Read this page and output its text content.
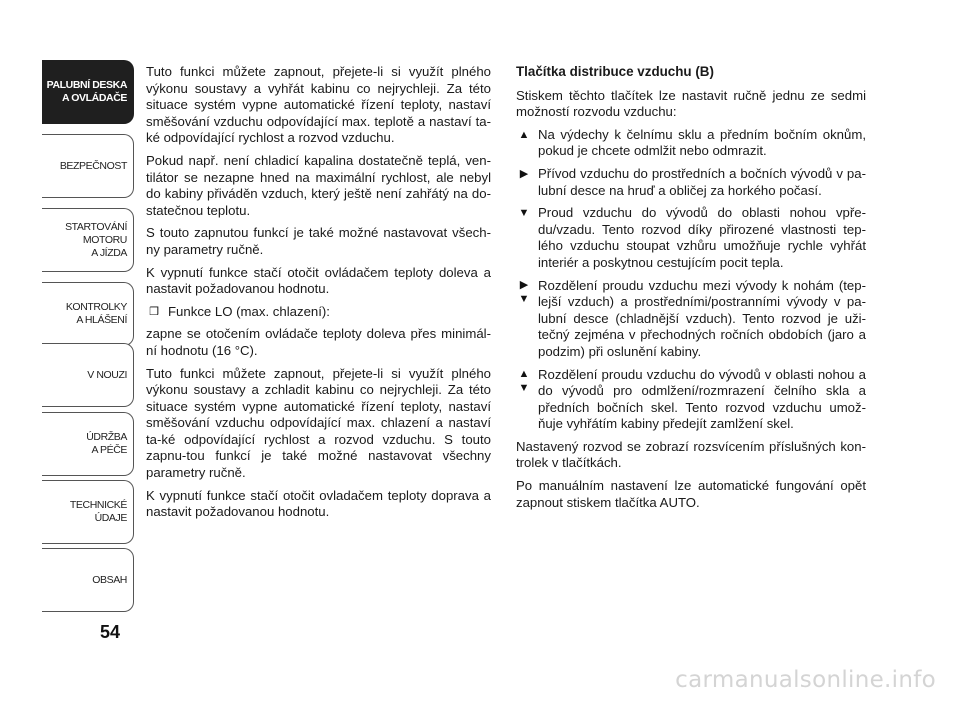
PALUBNÍ DESKA
A OVLÁDAČE
BEZPEČNOST
STARTOVÁNÍ
MOTORU
A JÍZDA
KONTROLKY
A HLÁŠENÍ
V NOUZI
ÚDRŽBA
A PÉČE
TECHNICKÉ
ÚDAJE
OBSAH
54

Tuto funkci můžete zapnout, přejete-li si využít plného výkonu soustavy a vyhřát kabinu co nejrychleji. Za této situace systém vypne automatické řízení teploty, nastaví směšování vzduchu odpovídající max. teplotě a nastaví ta-ké odpovídající rychlost a rozvod vzduchu.

Pokud např. není chladicí kapalina dostatečně teplá, ven-tilátor se nezapne hned na maximální rychlost, ale nebyl do kabiny přiváděn vzduch, který ještě není zahřátý na do-statečnou teplotu.

S touto zapnutou funkcí je také možné nastavovat všech-ny parametry ručně.

K vypnutí funkce stačí otočit ovládačem teploty doleva a nastavit požadovanou hodnotu.

❒ Funkce LO (max. chlazení):

zapne se otočením ovládače teploty doleva přes minimál-ní hodnotu (16 °C).

Tuto funkci můžete zapnout, přejete-li si využít plného výkonu soustavy a zchladit kabinu co nejrychleji. Za této situace systém vypne automatické řízení teploty, nastaví směšování vzduchu odpovídající max. chlazení a nastaví ta-ké odpovídající rychlost a rozvod vzduchu. S touto zapnu-tou funkcí je také možné nastavovat všechny parametry ručně.

K vypnutí funkce stačí otočit ovladačem teploty doprava a nastavit požadovanou hodnotu.

Tlačítka distribuce vzduchu (B)

Stiskem těchto tlačítek lze nastavit ručně jednu ze sedmi možností rozvodu vzduchu:

▲ Na výdechy k čelnímu sklu a předním bočním oknům, pokud je chcete odmlžit nebo odmrazit.
▶ Přívod vzduchu do prostředních a bočních vývodů v pa-lubní desce na hruď a obličej za horkého počasí.
▼ Proud vzduchu do vývodů do oblasti nohou vpře-du/vzadu. Tento rozvod díky přirozené vlastnosti tep-lého vzduchu stoupat vzhůru umožňuje rychle vyhřát interiér a poskytnou cestujícím pocit tepla.
▶
▼
Rozdělení proudu vzduchu mezi vývody k nohám (tep-lejší vzduch) a prostředními/postranními vývody v pa-lubní desce (chladnější vzduch). Tento rozvod je uži-tečný zejména v přechodných ročních obdobích (jaro a podzim) při oslunění kabiny.
▲
▼
Rozdělení proudu vzduchu do vývodů v oblasti nohou a do vývodů pro odmlžení/rozmrazení čelního skla a předních bočních skel. Tento rozvod vzduchu umož-ňuje vyhřátím kabiny předejít zamlžení skel.

Nastavený rozvod se zobrazí rozsvícením příslušných kon-trolek v tlačítkách.

Po manuálním nastavení lze automatické fungování opět zapnout stiskem tlačítka AUTO.

carmanualsonline.info
